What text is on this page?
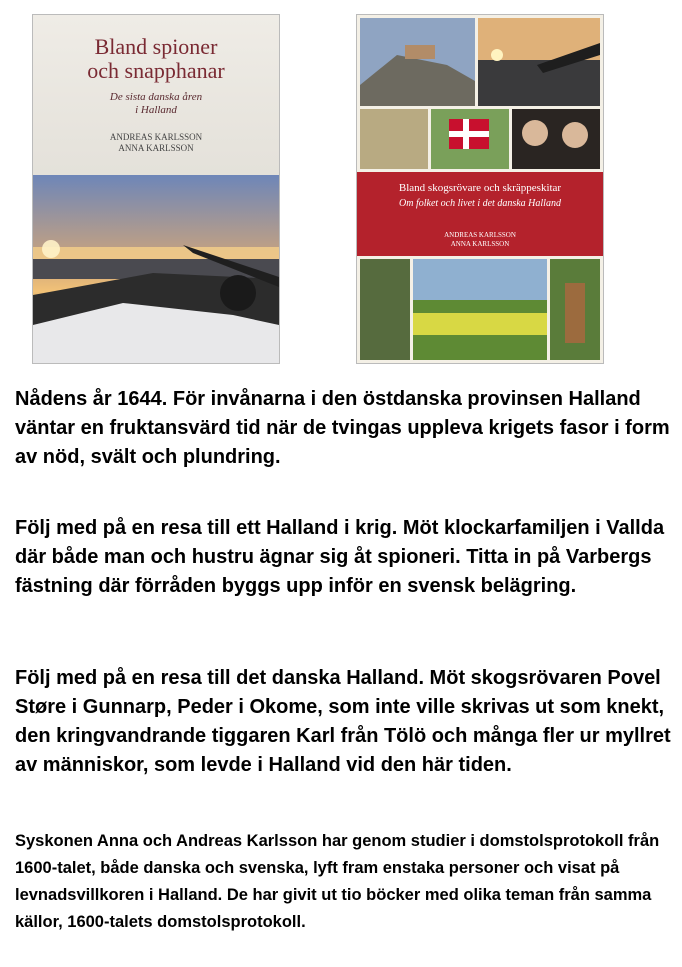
Bland spioner
och snapphanar
De sista danska åren
i Halland
ANDREAS KARLSSON
ANNA KARLSSON
Bland skogsrövare och skräppeskitar
Om folket och livet i det danska Halland
ANDREAS KARLSSON
ANNA KARLSSON

Nådens år 1644. För invånarna i den östdanska provinsen Halland väntar en fruktansvärd tid när de tvingas uppleva krigets fasor i form av nöd, svält och plundring.

Följ med på en resa till ett Halland i krig. Möt klockarfamiljen i Vallda där både man och hustru ägnar sig åt spioneri. Titta in på Varbergs fästning där förråden byggs upp inför en svensk belägring.

Följ med på en resa till det danska Halland. Möt skogsrövaren Povel Støre i Gunnarp, Peder i Okome, som inte ville skrivas ut som knekt, den kringvandrande tiggaren Karl från Tölö och många fler ur myllret av människor, som levde i Halland vid den här tiden.

Syskonen Anna och Andreas Karlsson har genom studier i domstolsprotokoll från 1600-talet, både danska och svenska, lyft fram enstaka personer och visat på levnadsvillkoren i Halland. De har givit ut tio böcker med olika teman från samma källor, 1600-talets domstolsprotokoll.
